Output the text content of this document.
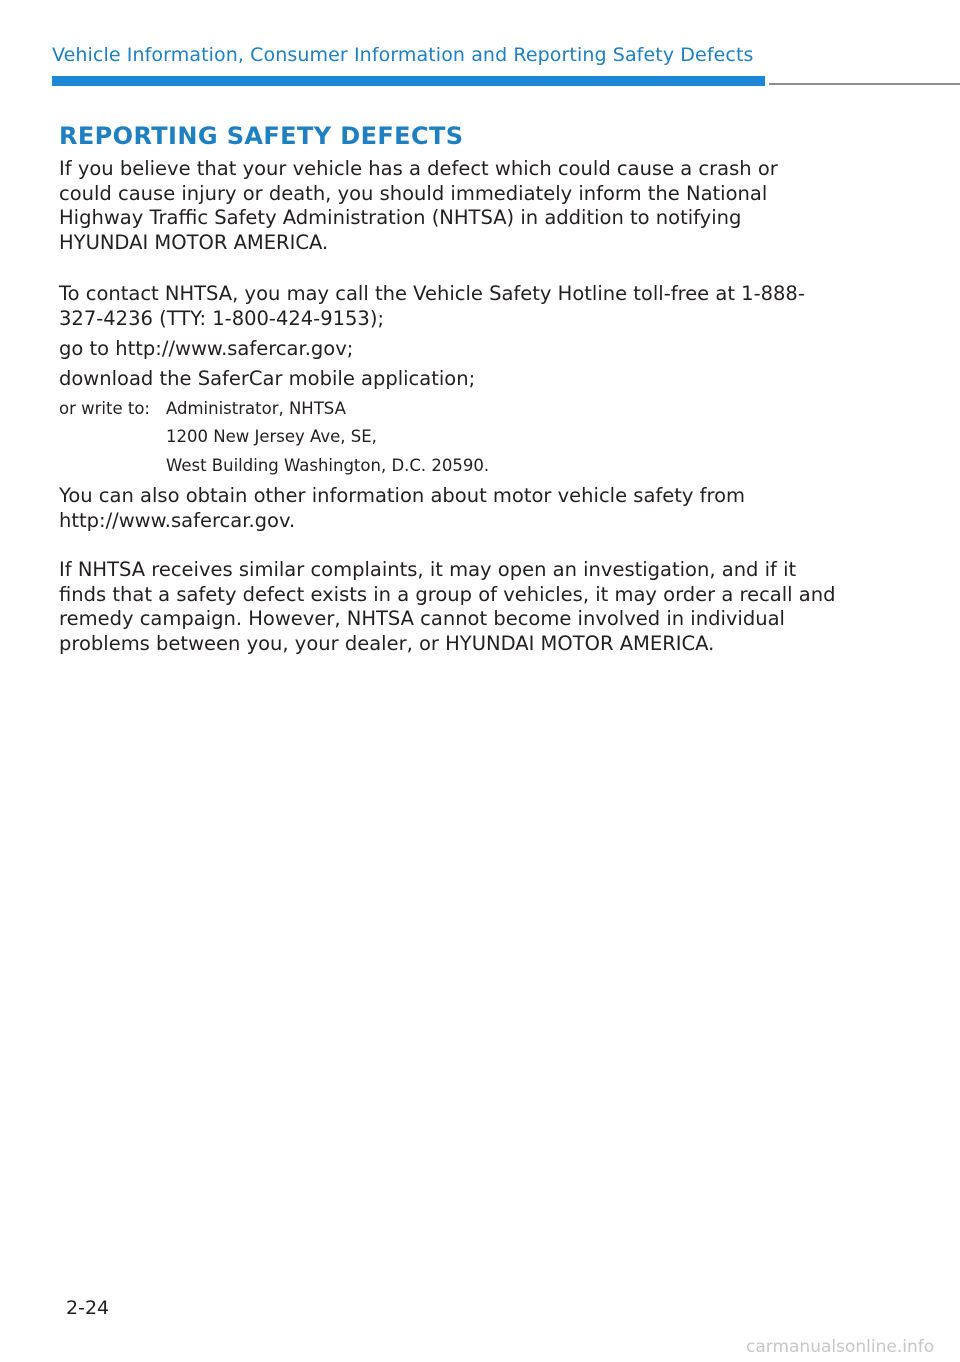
Vehicle Information, Consumer Information and Reporting Safety Defects
REPORTING SAFETY DEFECTS
If you believe that your vehicle has a defect which could cause a crash or
could cause injury or death, you should immediately inform the National
Highway Traffic Safety Administration (NHTSA) in addition to notifying
HYUNDAI MOTOR AMERICA.
To contact NHTSA, you may call the Vehicle Safety Hotline toll-free at 1-888-
327-4236 (TTY: 1-800-424-9153);
go to http://www.safercar.gov;
download the SaferCar mobile application;
or write to: Administrator, NHTSA
1200 New Jersey Ave, SE,
West Building Washington, D.C. 20590.
You can also obtain other information about motor vehicle safety from
http://www.safercar.gov.
If NHTSA receives similar complaints, it may open an investigation, and if it
finds that a safety defect exists in a group of vehicles, it may order a recall and
remedy campaign. However, NHTSA cannot become involved in individual
problems between you, your dealer, or HYUNDAI MOTOR AMERICA.
2-24
carmanualsonline.info
